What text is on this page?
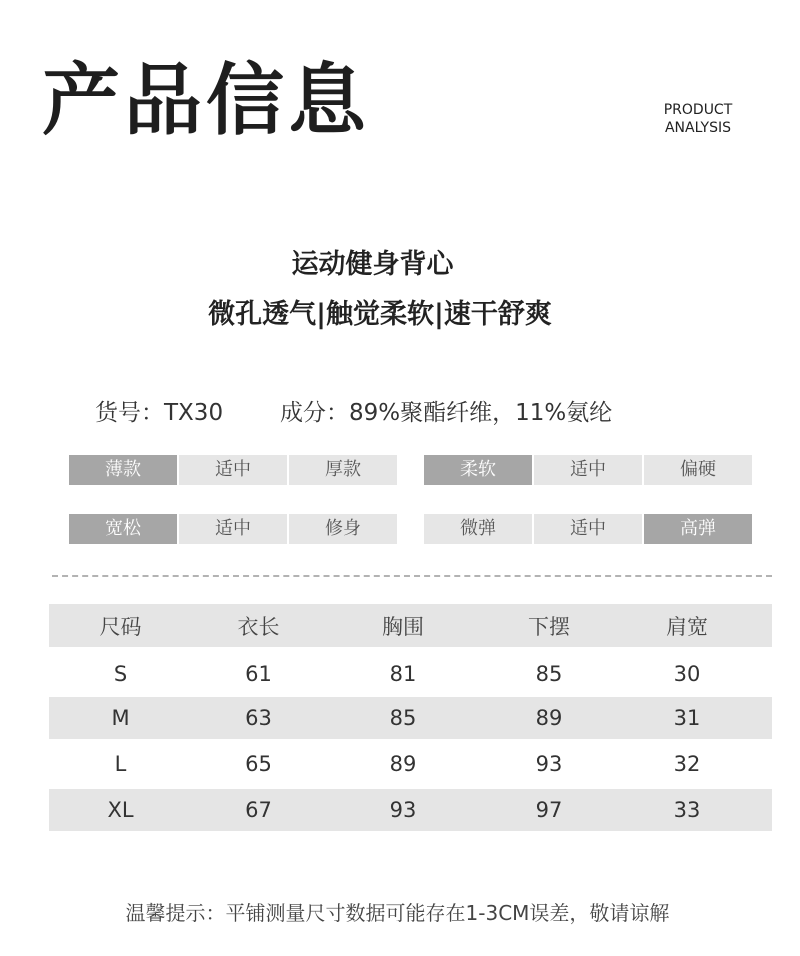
产品信息	PRODUCT
ANALYSIS
运动健身背心
微孔透气|触觉柔软|速干舒爽
货号：TX30 成分：89%聚酯纤维，11%氨纶
薄款	适中	厚款	柔软	适中	偏硬
宽松	适中	修身	微弹	适中	高弹
尺码	衣长	胸围	下摆	肩宽
S	61	81	85	30
M	63	85	89	31
L	65	89	93	32
XL	67	93	97	33
温馨提示：平铺测量尺寸数据可能存在1-3CM误差，敬请谅解
